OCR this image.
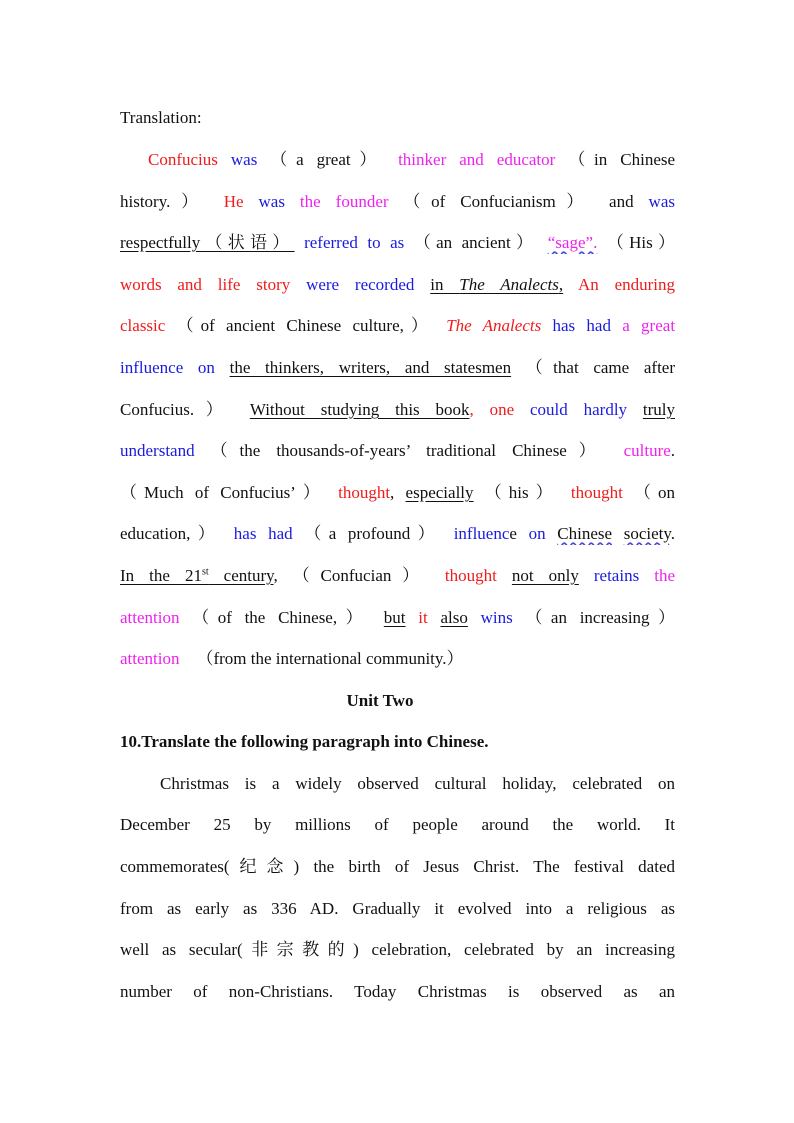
Translation:
Confucius was （a great） thinker and educator （in Chinese
history.） He was the founder （of Confucianism） and was
respectfully（状语） referred to as （an ancient） “sage”. （His）
words and life story were recorded in The Analects, An enduring
classic （of ancient Chinese culture,） The Analects has had a great
influence on the thinkers, writers, and statesmen （that came after
Confucius.） Without studying this book, one could hardly truly
understand （the thousands-of-years’ traditional Chinese） culture.
（Much of Confucius’） thought, especially （his） thought （on
education,） has had （a profound） influence on Chinese society.
In the 21st century, （Confucian） thought not only retains the
attention （of the Chinese,） but it also wins （an increasing）
attention （from the international community.）
Unit Two
10.Translate the following paragraph into Chinese.
Christmas is a widely observed cultural holiday, celebrated on
December 25 by millions of people around the world. It
commemorates(纪念) the birth of Jesus Christ. The festival dated
from as early as 336 AD. Gradually it evolved into a religious as
well as secular(非宗教的) celebration, celebrated by an increasing
number of non-Christians. Today Christmas is observed as an
